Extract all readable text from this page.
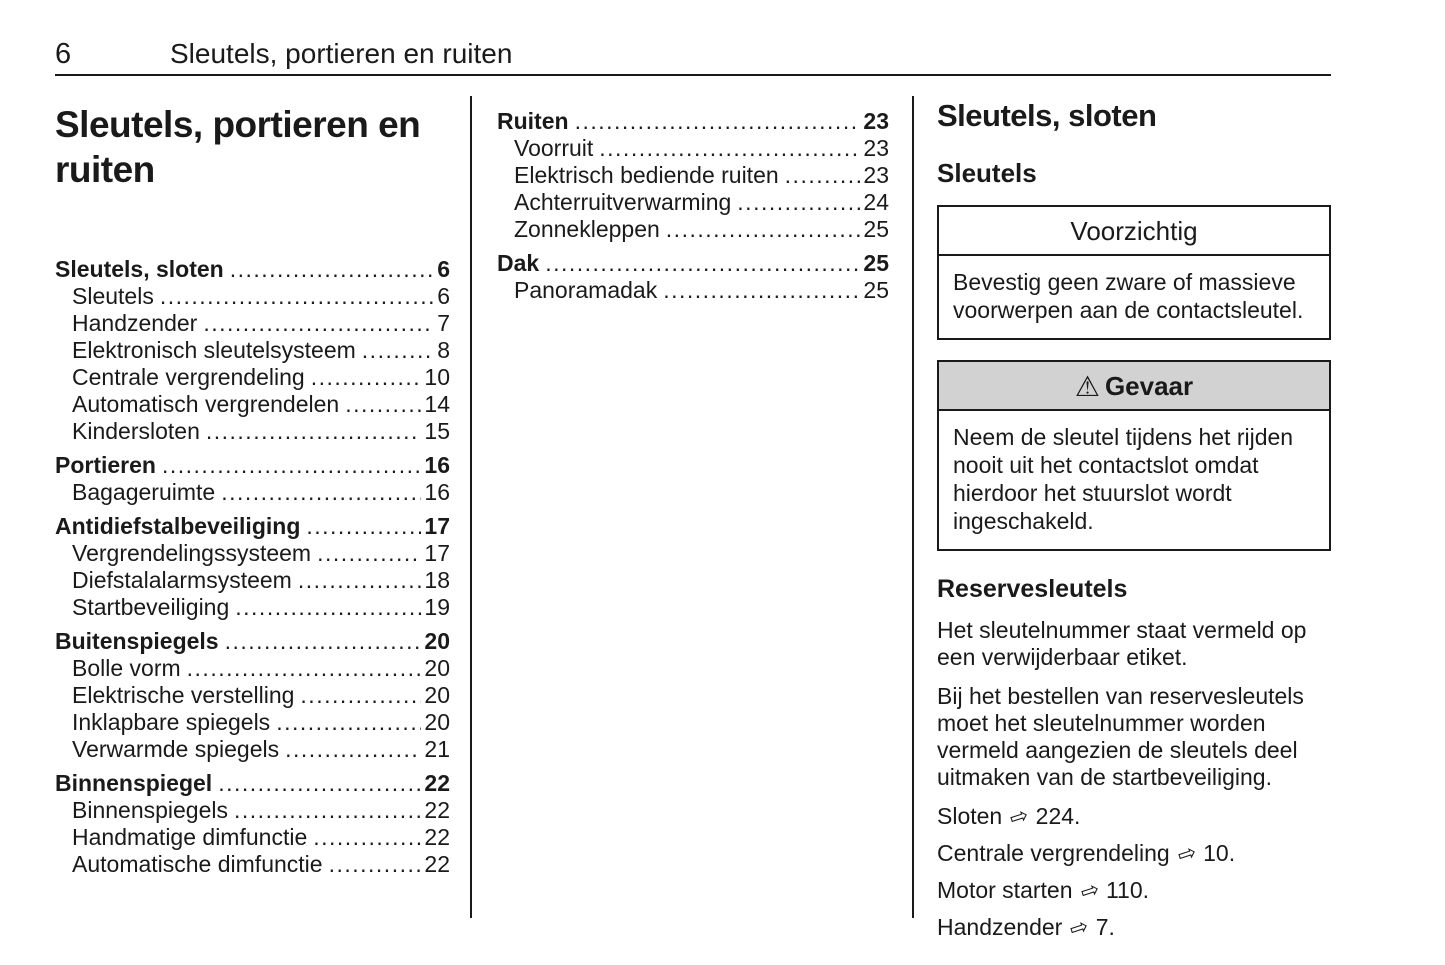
6	Sleutels, portieren en ruiten
Sleutels, portieren en ruiten
Sleutels, sloten .....	6
Sleutels .....	6
Handzender .....	7
Elektronisch sleutelsysteem .....	8
Centrale vergrendeling .....	10
Automatisch vergrendelen .....	14
Kindersloten .....	15
Portieren .....	16
Bagageruimte .....	16
Antidiefstalbeveiliging .....	17
Vergrendelingssysteem .....	17
Diefstalalarmsysteem .....	18
Startbeveiliging .....	19
Buitenspiegels .....	20
Bolle vorm .....	20
Elektrische verstelling .....	20
Inklapbare spiegels .....	20
Verwarmde spiegels .....	21
Binnenspiegel .....	22
Binnenspiegels .....	22
Handmatige dimfunctie .....	22
Automatische dimfunctie .....	22
Ruiten .....	23
Voorruit .....	23
Elektrisch bediende ruiten .....	23
Achterruitverwarming .....	24
Zonnekleppen .....	25
Dak .....	25
Panoramadak .....	25
Sleutels, sloten
Sleutels
Voorzichtig
Bevestig geen zware of massieve voorwerpen aan de contactsleutel.
⚠ Gevaar
Neem de sleutel tijdens het rijden nooit uit het contactslot omdat hierdoor het stuurslot wordt ingeschakeld.
Reservesleutels

Het sleutelnummer staat vermeld op een verwijderbaar etiket.

Bij het bestellen van reservesleutels moet het sleutelnummer worden vermeld aangezien de sleutels deel uitmaken van de startbeveiliging.

Sloten ⇨ 224.

Centrale vergrendeling ⇨ 10.

Motor starten ⇨ 110.

Handzender ⇨ 7.
